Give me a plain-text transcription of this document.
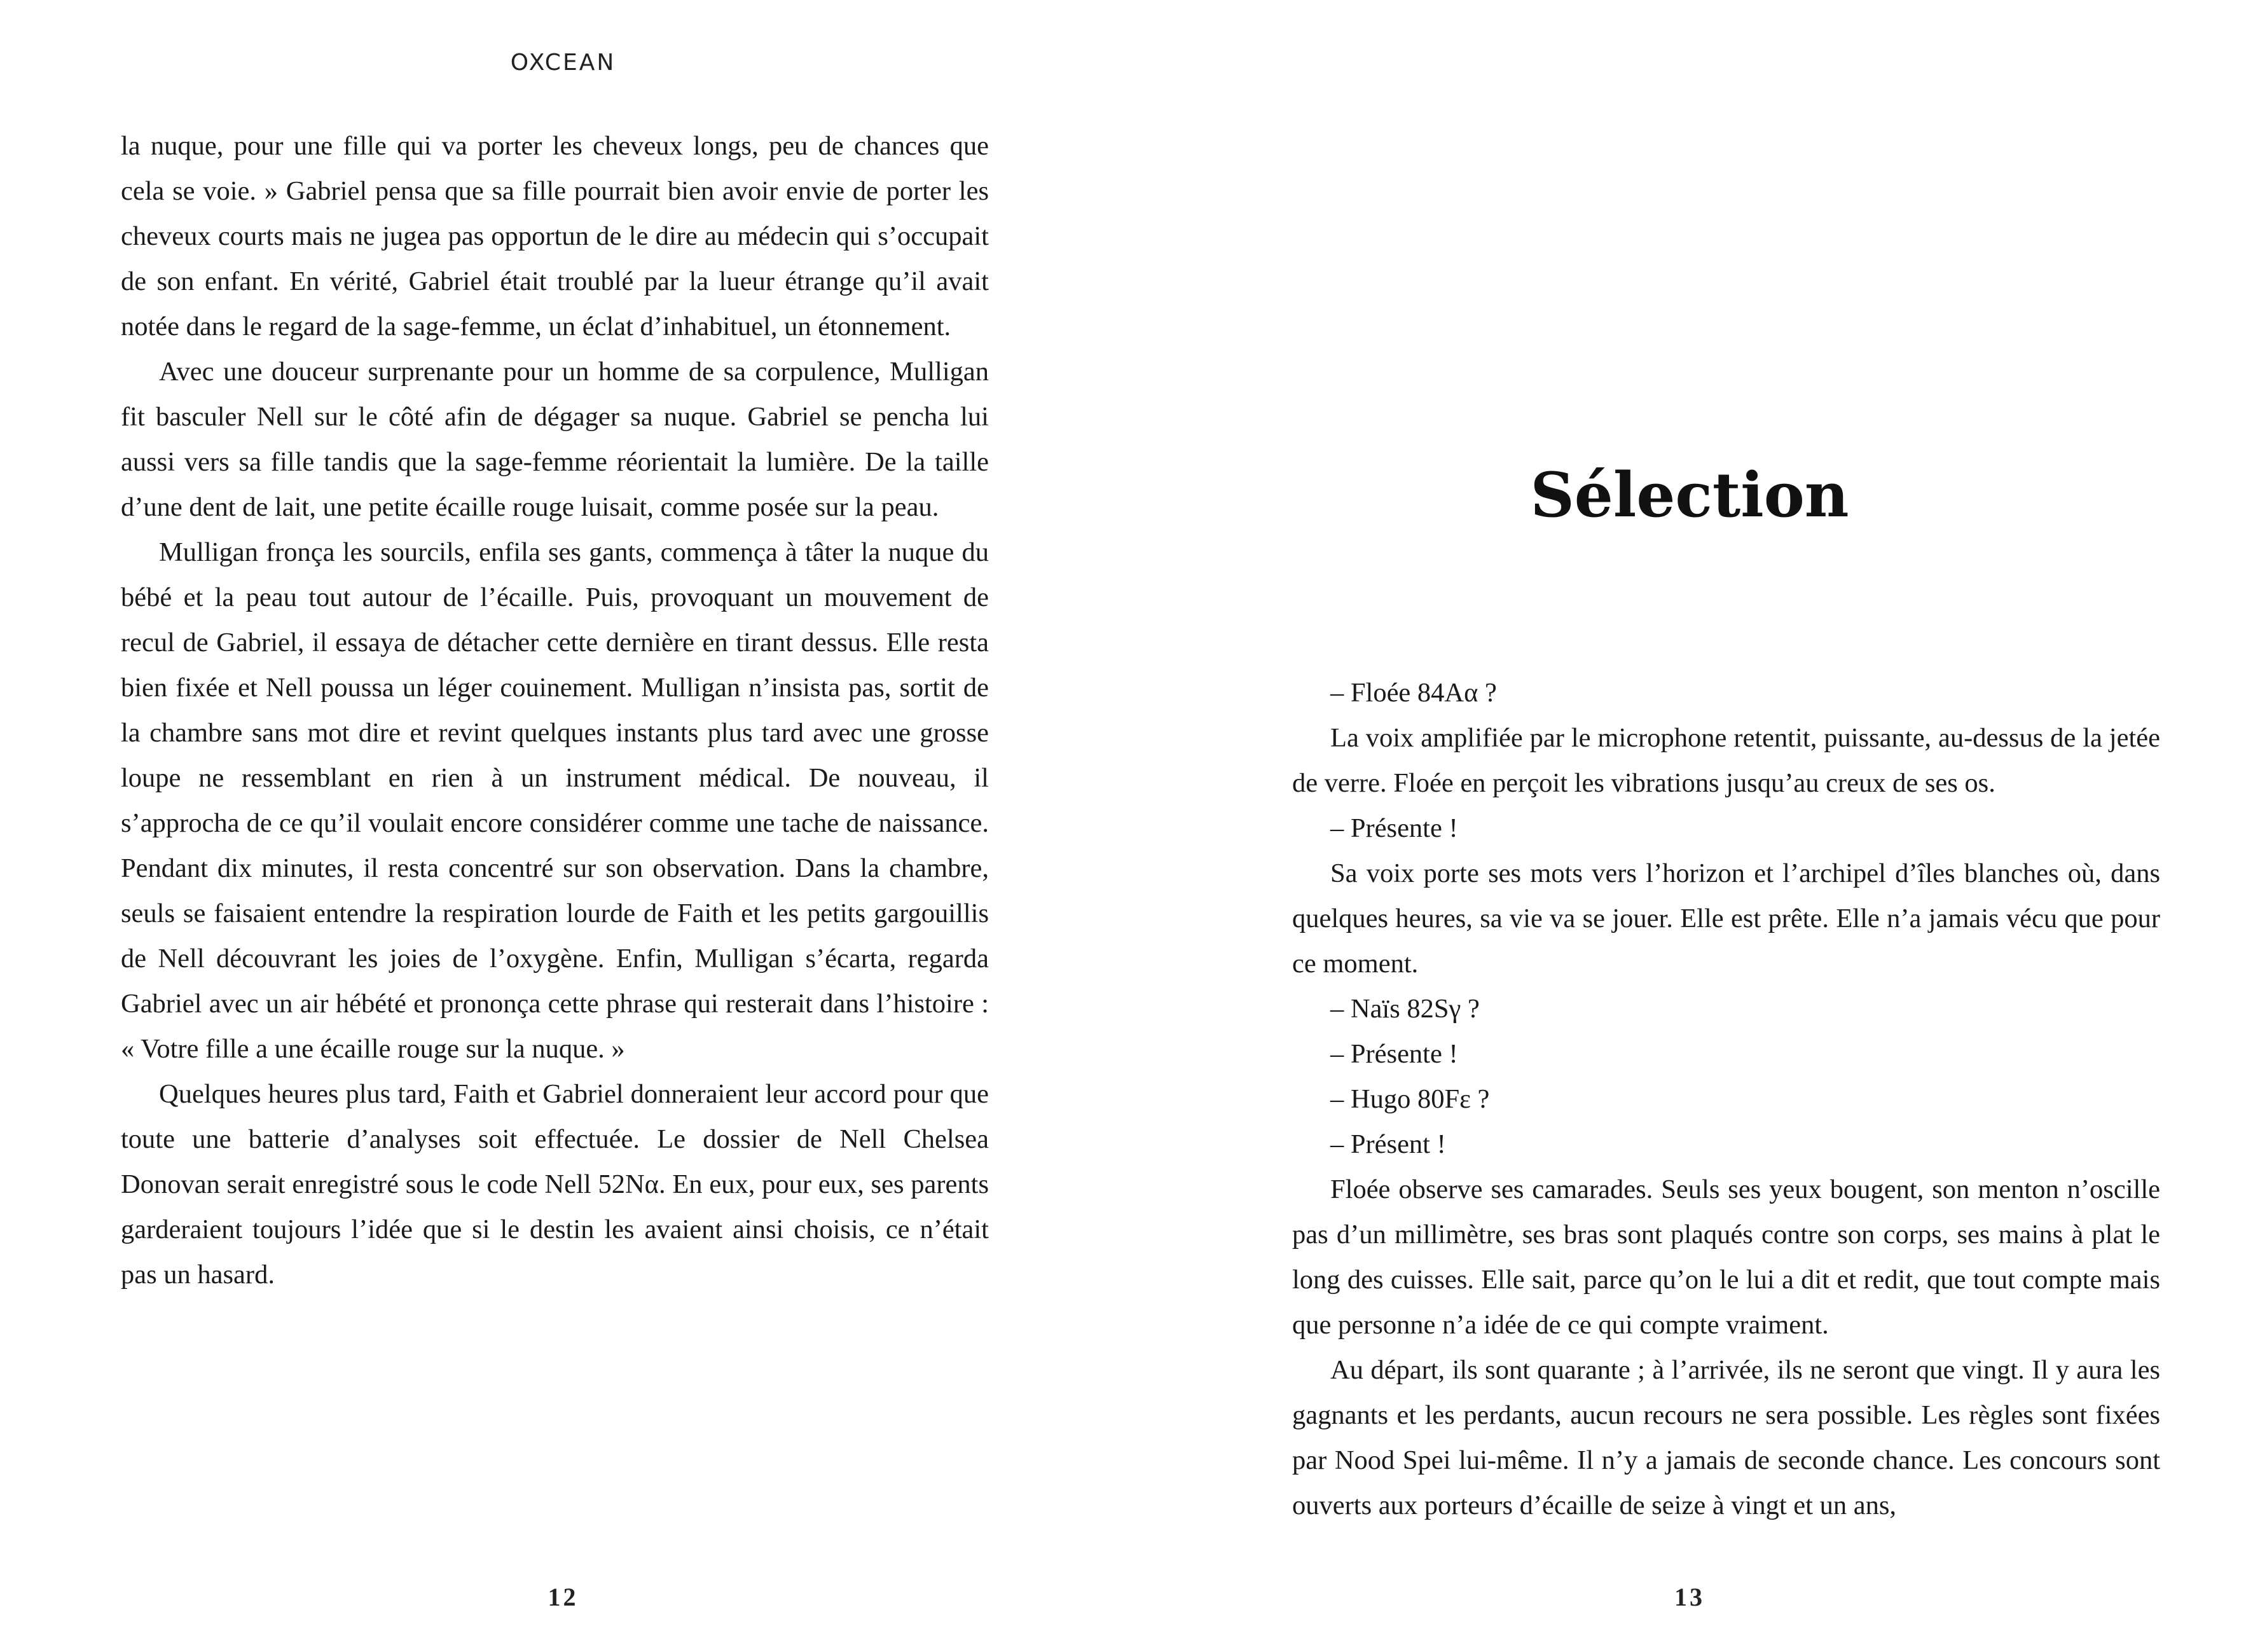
OXCEAN

la nuque, pour une fille qui va porter les cheveux longs, peu de chances que cela se voie. » Gabriel pensa que sa fille pourrait bien avoir envie de porter les cheveux courts mais ne jugea pas opportun de le dire au médecin qui s’occupait de son enfant. En vérité, Gabriel était troublé par la lueur étrange qu’il avait notée dans le regard de la sage-femme, un éclat d’inhabituel, un étonnement.

Avec une douceur surprenante pour un homme de sa corpulence, Mulligan fit basculer Nell sur le côté afin de dégager sa nuque. Gabriel se pencha lui aussi vers sa fille tandis que la sage-femme réorientait la lumière. De la taille d’une dent de lait, une petite écaille rouge luisait, comme posée sur la peau.

Mulligan fronça les sourcils, enfila ses gants, commença à tâter la nuque du bébé et la peau tout autour de l’écaille. Puis, provoquant un mouvement de recul de Gabriel, il essaya de détacher cette dernière en tirant dessus. Elle resta bien fixée et Nell poussa un léger couinement. Mulligan n’insista pas, sortit de la chambre sans mot dire et revint quelques instants plus tard avec une grosse loupe ne ressemblant en rien à un instrument médical. De nouveau, il s’approcha de ce qu’il voulait encore considérer comme une tache de naissance. Pendant dix minutes, il resta concentré sur son observation. Dans la chambre, seuls se faisaient entendre la respiration lourde de Faith et les petits gargouillis de Nell découvrant les joies de l’oxygène. Enfin, Mulligan s’écarta, regarda Gabriel avec un air hébété et prononça cette phrase qui resterait dans l’histoire : « Votre fille a une écaille rouge sur la nuque. »

Quelques heures plus tard, Faith et Gabriel donneraient leur accord pour que toute une batterie d’analyses soit effectuée. Le dossier de Nell Chelsea Donovan serait enregistré sous le code Nell 52Nα. En eux, pour eux, ses parents garderaient toujours l’idée que si le destin les avaient ainsi choisis, ce n’était pas un hasard.

12
Sélection

– Floée 84Aα ?

La voix amplifiée par le microphone retentit, puissante, au-dessus de la jetée de verre. Floée en perçoit les vibrations jusqu’au creux de ses os.

– Présente !

Sa voix porte ses mots vers l’horizon et l’archipel d’îles blanches où, dans quelques heures, sa vie va se jouer. Elle est prête. Elle n’a jamais vécu que pour ce moment.

– Naïs 82Sγ ?

– Présente !

– Hugo 80Fε ?

– Présent !

Floée observe ses camarades. Seuls ses yeux bougent, son menton n’oscille pas d’un millimètre, ses bras sont plaqués contre son corps, ses mains à plat le long des cuisses. Elle sait, parce qu’on le lui a dit et redit, que tout compte mais que personne n’a idée de ce qui compte vraiment.

Au départ, ils sont quarante ; à l’arrivée, ils ne seront que vingt. Il y aura les gagnants et les perdants, aucun recours ne sera possible. Les règles sont fixées par Nood Spei lui-même. Il n’y a jamais de seconde chance. Les concours sont ouverts aux porteurs d’écaille de seize à vingt et un ans,

13
